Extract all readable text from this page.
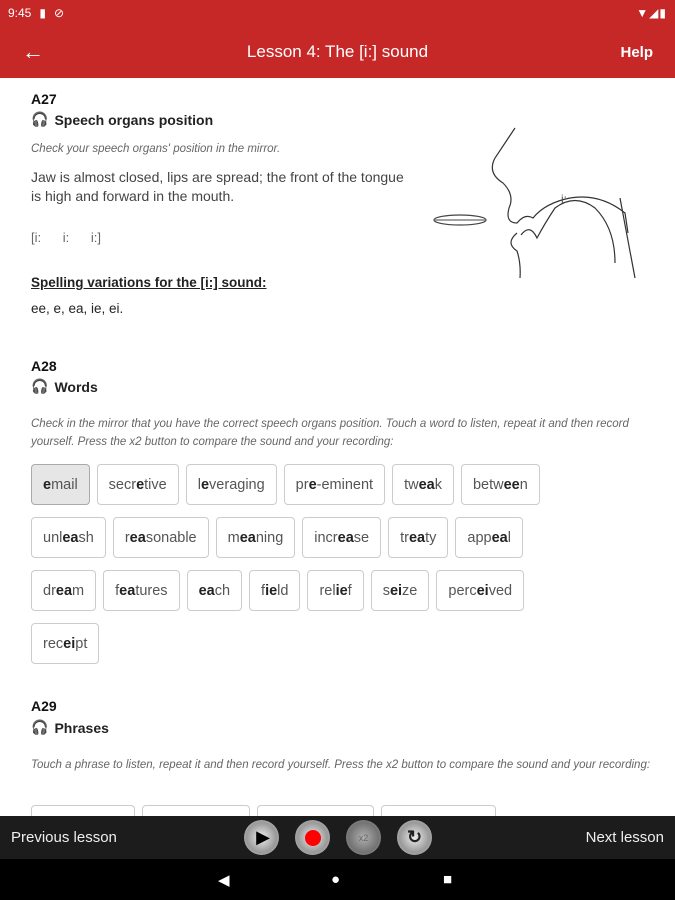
9:45 ▮ ⊘	▼◢▮
←	Lesson 4: The [i:] sound	Help
A27
🎧 Speech organs position
Check your speech organs' position in the mirror.
Jaw is almost closed, lips are spread; the front of the tongue is high and forward in the mouth.
[i: i: i:]
Spelling variations for the [i:] sound:
ee, e, ea, ie, ei.
i:
A28
🎧 Words
Check in the mirror that you have the correct speech organs position. Touch a word to listen, repeat it and then record yourself. Press the x2 button to compare the sound and your recording:
e mail secr e tive l e veraging pr e -eminent tw ea k betw ee n
unl ea sh r ea sonable m ea ning incr ea se tr ea ty app ea l
dr ea m f ea tures ea ch f ie ld rel ie f s ei ze perc ei ved
rec ei pt
A29
🎧 Phrases
Touch a phrase to listen, repeat it and then record yourself. Press the x2 button to compare the sound and your recording:
Previous lesson	▶	x2 ↻	Next lesson
◀	●	■
